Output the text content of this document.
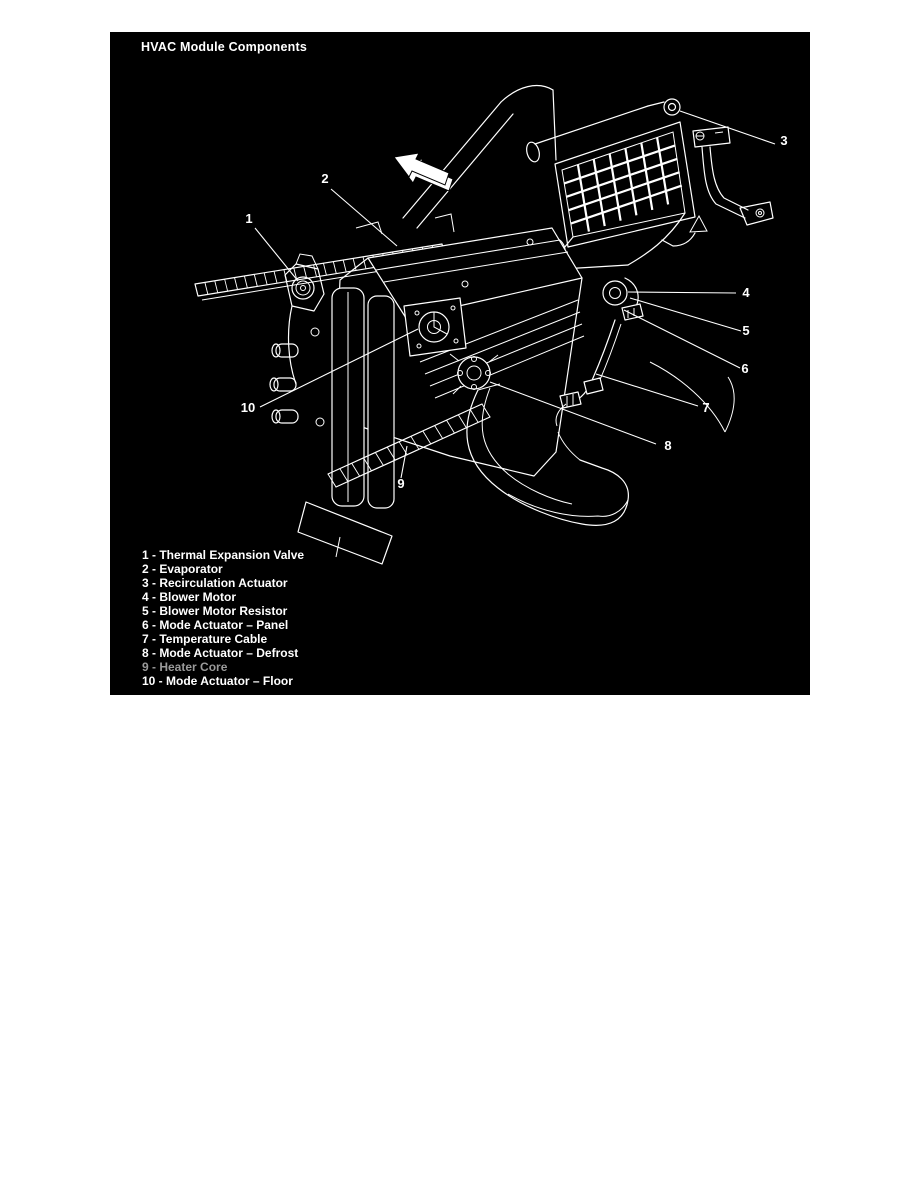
HVAC Module Components
1
2
3
4
5
6
7
8
9
10
1 - Thermal Expansion Valve
2 - Evaporator
3 - Recirculation Actuator
4 - Blower Motor
5 - Blower Motor Resistor
6 - Mode Actuator – Panel
7 - Temperature Cable
8 - Mode Actuator – Defrost
9 - Heater Core
10 - Mode Actuator – Floor
